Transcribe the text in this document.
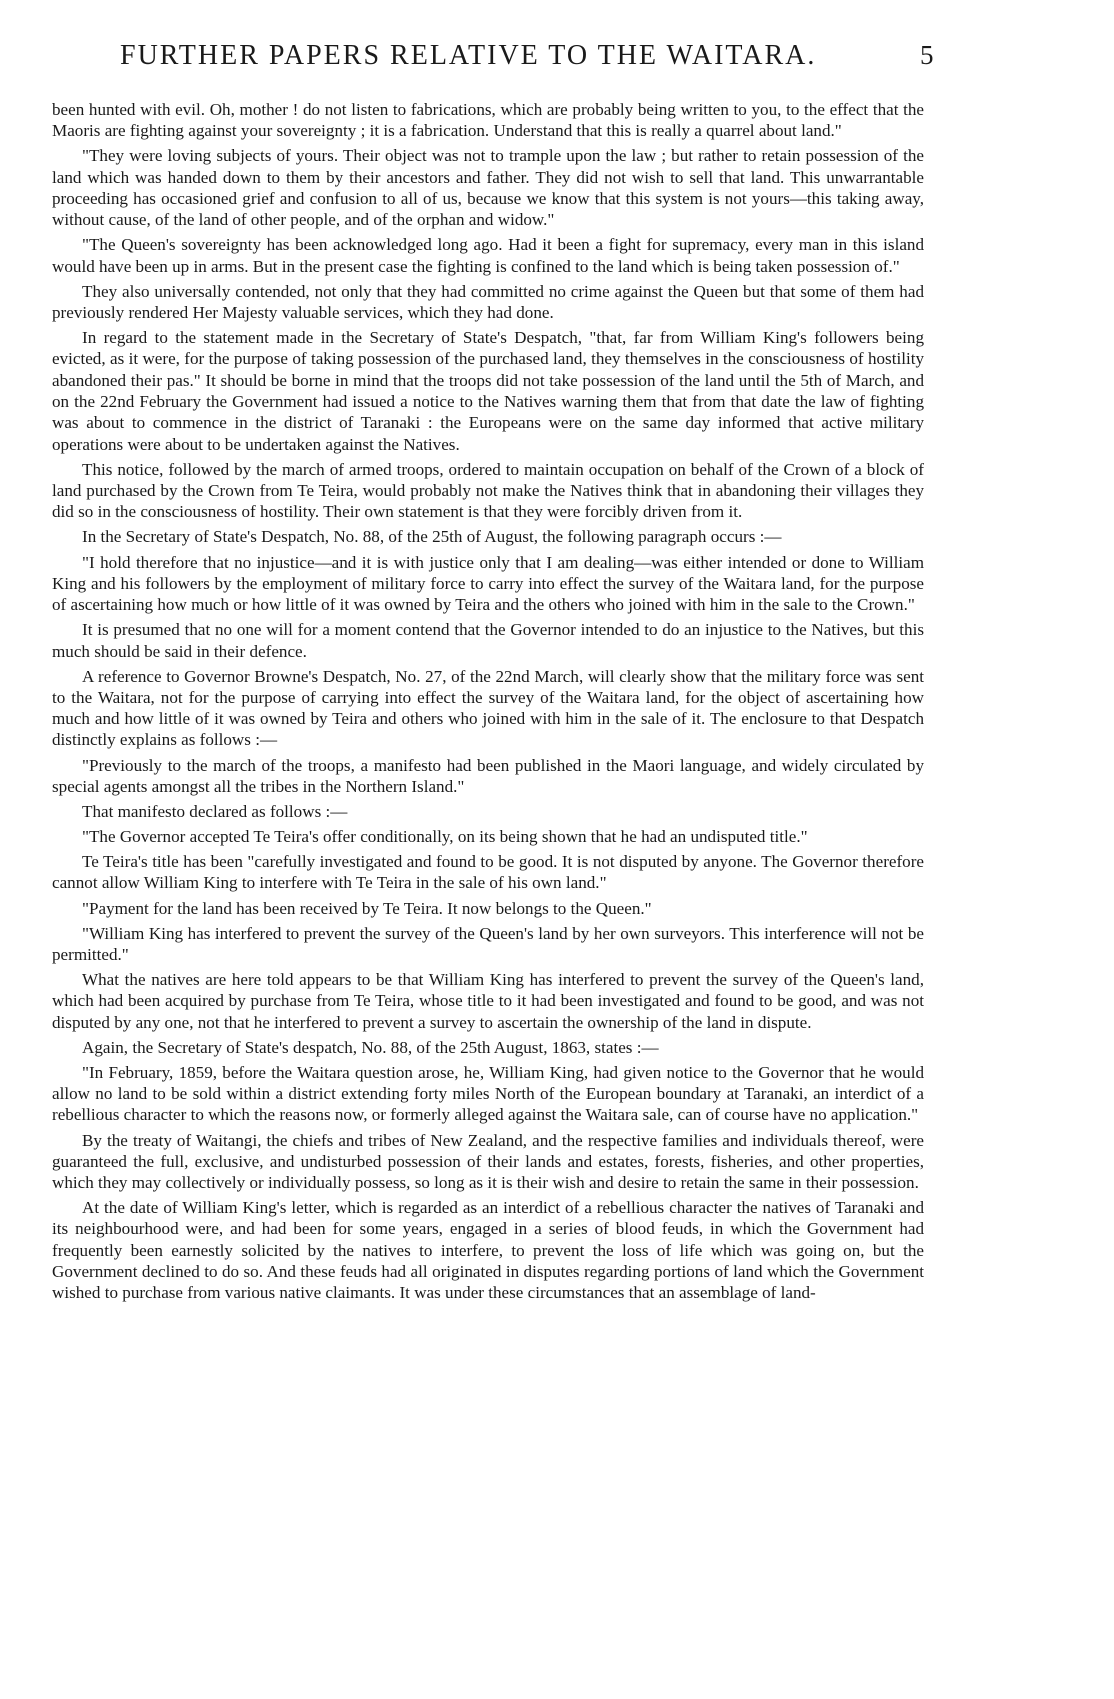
FURTHER PAPERS RELATIVE TO THE WAITARA.	5

been hunted with evil. Oh, mother ! do not listen to fabrications, which are probably being written to you, to the effect that the Maoris are fighting against your sovereignty ; it is a fabrication. Understand that this is really a quarrel about land."

"They were loving subjects of yours. Their object was not to trample upon the law ; but rather to retain possession of the land which was handed down to them by their ancestors and father. They did not wish to sell that land. This unwarrantable proceeding has occasioned grief and confusion to all of us, because we know that this system is not yours—this taking away, without cause, of the land of other people, and of the orphan and widow."

"The Queen's sovereignty has been acknowledged long ago. Had it been a fight for supremacy, every man in this island would have been up in arms. But in the present case the fighting is confined to the land which is being taken possession of."

They also universally contended, not only that they had committed no crime against the Queen but that some of them had previously rendered Her Majesty valuable services, which they had done.

In regard to the statement made in the Secretary of State's Despatch, "that, far from William King's followers being evicted, as it were, for the purpose of taking possession of the purchased land, they themselves in the consciousness of hostility abandoned their pas." It should be borne in mind that the troops did not take possession of the land until the 5th of March, and on the 22nd February the Government had issued a notice to the Natives warning them that from that date the law of fighting was about to commence in the district of Taranaki : the Europeans were on the same day informed that active military operations were about to be undertaken against the Natives.

This notice, followed by the march of armed troops, ordered to maintain occupation on behalf of the Crown of a block of land purchased by the Crown from Te Teira, would probably not make the Natives think that in abandoning their villages they did so in the consciousness of hostility. Their own statement is that they were forcibly driven from it.

In the Secretary of State's Despatch, No. 88, of the 25th of August, the following paragraph occurs :—

"I hold therefore that no injustice—and it is with justice only that I am dealing—was either intended or done to William King and his followers by the employment of military force to carry into effect the survey of the Waitara land, for the purpose of ascertaining how much or how little of it was owned by Teira and the others who joined with him in the sale to the Crown."

It is presumed that no one will for a moment contend that the Governor intended to do an injustice to the Natives, but this much should be said in their defence.

A reference to Governor Browne's Despatch, No. 27, of the 22nd March, will clearly show that the military force was sent to the Waitara, not for the purpose of carrying into effect the survey of the Waitara land, for the object of ascertaining how much and how little of it was owned by Teira and others who joined with him in the sale of it. The enclosure to that Despatch distinctly explains as follows :—

"Previously to the march of the troops, a manifesto had been published in the Maori language, and widely circulated by special agents amongst all the tribes in the Northern Island."

That manifesto declared as follows :—

"The Governor accepted Te Teira's offer conditionally, on its being shown that he had an undisputed title."

Te Teira's title has been "carefully investigated and found to be good. It is not disputed by anyone. The Governor therefore cannot allow William King to interfere with Te Teira in the sale of his own land."

"Payment for the land has been received by Te Teira. It now belongs to the Queen."

"William King has interfered to prevent the survey of the Queen's land by her own surveyors. This interference will not be permitted."

What the natives are here told appears to be that William King has interfered to prevent the survey of the Queen's land, which had been acquired by purchase from Te Teira, whose title to it had been investigated and found to be good, and was not disputed by any one, not that he interfered to prevent a survey to ascertain the ownership of the land in dispute.

Again, the Secretary of State's despatch, No. 88, of the 25th August, 1863, states :—

"In February, 1859, before the Waitara question arose, he, William King, had given notice to the Governor that he would allow no land to be sold within a district extending forty miles North of the European boundary at Taranaki, an interdict of a rebellious character to which the reasons now, or formerly alleged against the Waitara sale, can of course have no application."

By the treaty of Waitangi, the chiefs and tribes of New Zealand, and the respective families and individuals thereof, were guaranteed the full, exclusive, and undisturbed possession of their lands and estates, forests, fisheries, and other properties, which they may collectively or individually possess, so long as it is their wish and desire to retain the same in their possession.

At the date of William King's letter, which is regarded as an interdict of a rebellious character the natives of Taranaki and its neighbourhood were, and had been for some years, engaged in a series of blood feuds, in which the Government had frequently been earnestly solicited by the natives to interfere, to prevent the loss of life which was going on, but the Government declined to do so. And these feuds had all originated in disputes regarding portions of land which the Government wished to purchase from various native claimants. It was under these circumstances that an assemblage of land-
